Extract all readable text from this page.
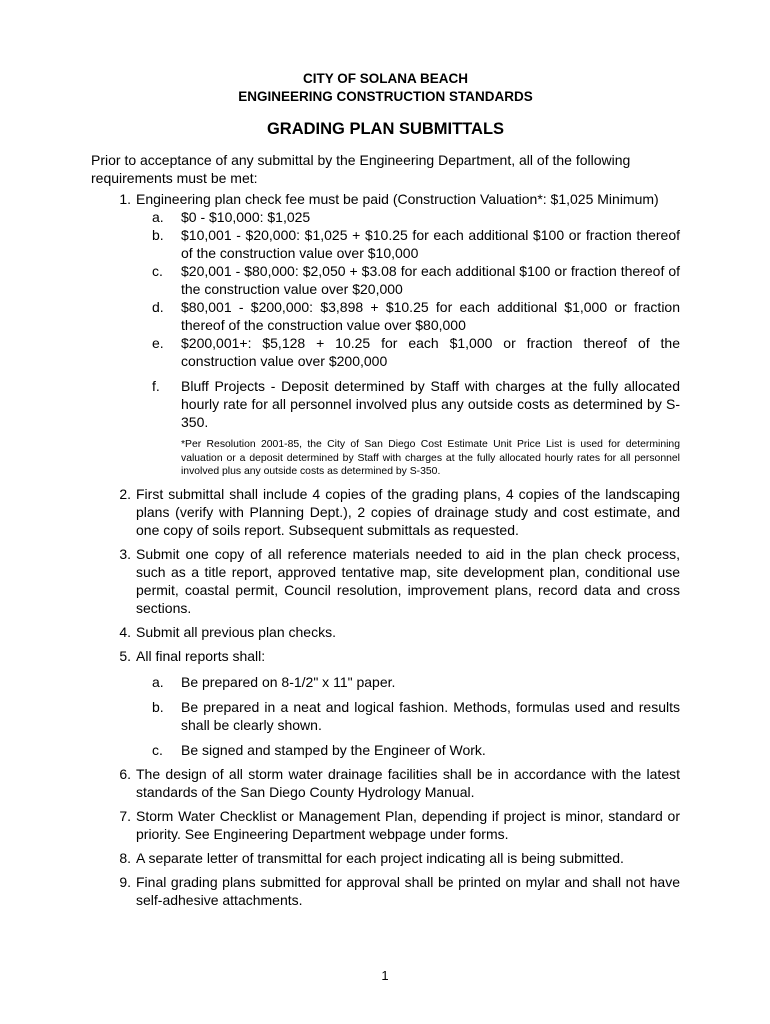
CITY OF SOLANA BEACH
ENGINEERING CONSTRUCTION STANDARDS
GRADING PLAN SUBMITTALS
Prior to acceptance of any submittal by the Engineering Department, all of the following requirements must be met:
1. Engineering plan check fee must be paid (Construction Valuation*: $1,025 Minimum)
a. $0 - $10,000: $1,025
b. $10,001 - $20,000: $1,025 + $10.25 for each additional $100 or fraction thereof of the construction value over $10,000
c. $20,001 - $80,000: $2,050 + $3.08 for each additional $100 or fraction thereof of the construction value over $20,000
d. $80,001 - $200,000: $3,898 + $10.25 for each additional $1,000 or fraction thereof of the construction value over $80,000
e. $200,001+: $5,128 + 10.25 for each $1,000 or fraction thereof of the construction value over $200,000
f. Bluff Projects - Deposit determined by Staff with charges at the fully allocated hourly rate for all personnel involved plus any outside costs as determined by S-350.
*Per Resolution 2001-85, the City of San Diego Cost Estimate Unit Price List is used for determining valuation or a deposit determined by Staff with charges at the fully allocated hourly rates for all personnel involved plus any outside costs as determined by S-350.
2. First submittal shall include 4 copies of the grading plans, 4 copies of the landscaping plans (verify with Planning Dept.), 2 copies of drainage study and cost estimate, and one copy of soils report. Subsequent submittals as requested.
3. Submit one copy of all reference materials needed to aid in the plan check process, such as a title report, approved tentative map, site development plan, conditional use permit, coastal permit, Council resolution, improvement plans, record data and cross sections.
4. Submit all previous plan checks.
5. All final reports shall:
a. Be prepared on 8-1/2" x 11" paper.
b. Be prepared in a neat and logical fashion. Methods, formulas used and results shall be clearly shown.
c. Be signed and stamped by the Engineer of Work.
6. The design of all storm water drainage facilities shall be in accordance with the latest standards of the San Diego County Hydrology Manual.
7. Storm Water Checklist or Management Plan, depending if project is minor, standard or priority. See Engineering Department webpage under forms.
8. A separate letter of transmittal for each project indicating all is being submitted.
9. Final grading plans submitted for approval shall be printed on mylar and shall not have self-adhesive attachments.
1
